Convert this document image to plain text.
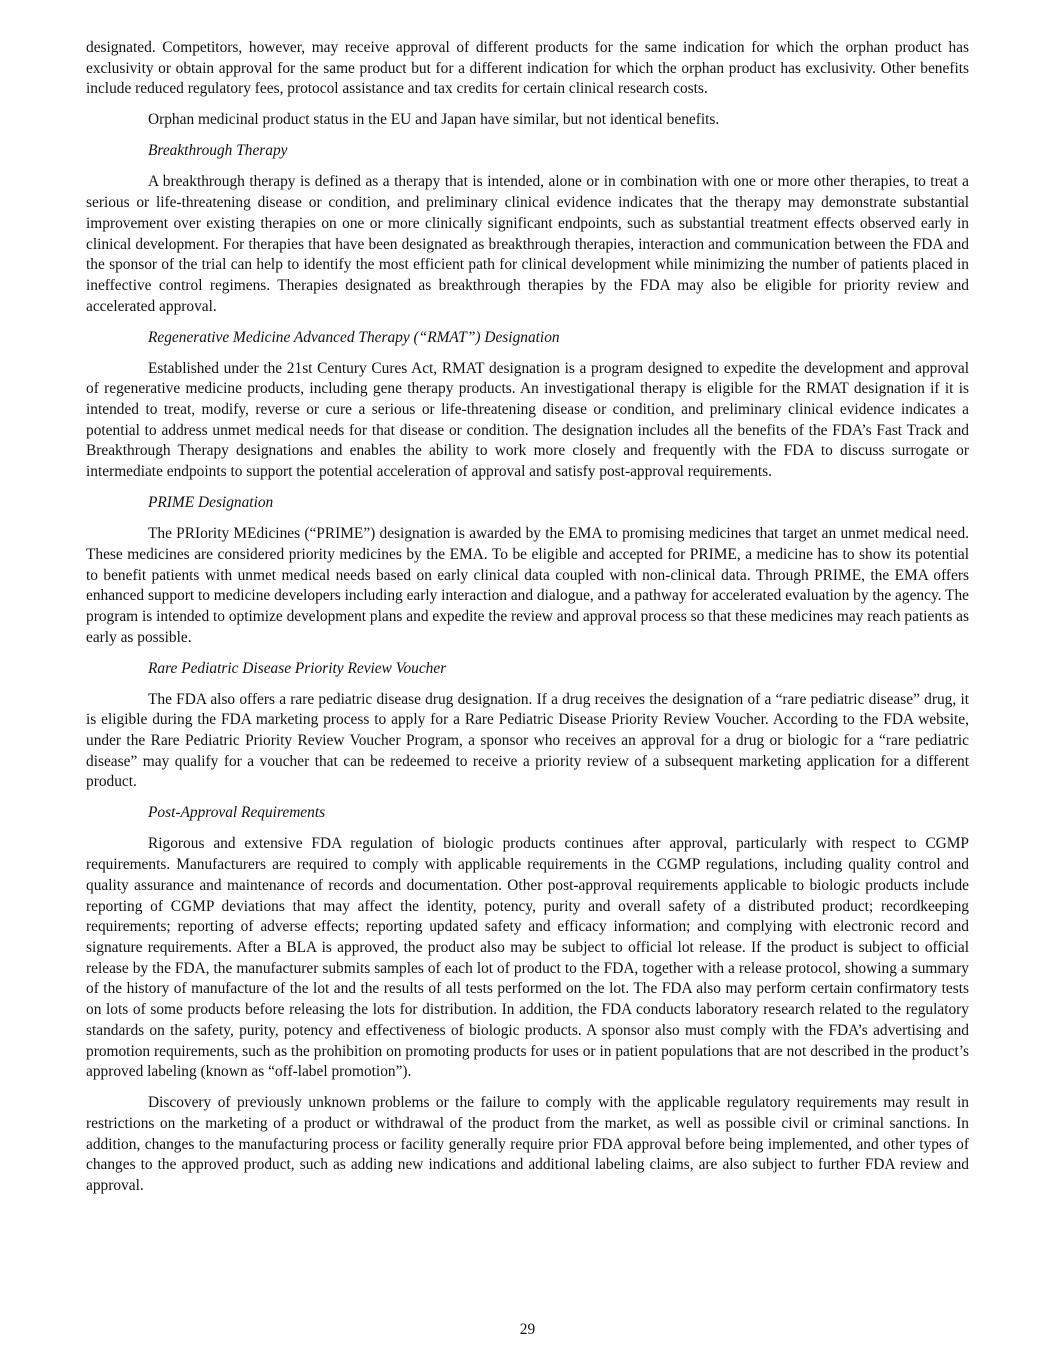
designated. Competitors, however, may receive approval of different products for the same indication for which the orphan product has exclusivity or obtain approval for the same product but for a different indication for which the orphan product has exclusivity. Other benefits include reduced regulatory fees, protocol assistance and tax credits for certain clinical research costs.

Orphan medicinal product status in the EU and Japan have similar, but not identical benefits.

Breakthrough Therapy

A breakthrough therapy is defined as a therapy that is intended, alone or in combination with one or more other therapies, to treat a serious or life-threatening disease or condition, and preliminary clinical evidence indicates that the therapy may demonstrate substantial improvement over existing therapies on one or more clinically significant endpoints, such as substantial treatment effects observed early in clinical development. For therapies that have been designated as breakthrough therapies, interaction and communication between the FDA and the sponsor of the trial can help to identify the most efficient path for clinical development while minimizing the number of patients placed in ineffective control regimens. Therapies designated as breakthrough therapies by the FDA may also be eligible for priority review and accelerated approval.

Regenerative Medicine Advanced Therapy (“RMAT”) Designation

Established under the 21st Century Cures Act, RMAT designation is a program designed to expedite the development and approval of regenerative medicine products, including gene therapy products. An investigational therapy is eligible for the RMAT designation if it is intended to treat, modify, reverse or cure a serious or life-threatening disease or condition, and preliminary clinical evidence indicates a potential to address unmet medical needs for that disease or condition. The designation includes all the benefits of the FDA’s Fast Track and Breakthrough Therapy designations and enables the ability to work more closely and frequently with the FDA to discuss surrogate or intermediate endpoints to support the potential acceleration of approval and satisfy post-approval requirements.

PRIME Designation

The PRIority MEdicines (“PRIME”) designation is awarded by the EMA to promising medicines that target an unmet medical need. These medicines are considered priority medicines by the EMA. To be eligible and accepted for PRIME, a medicine has to show its potential to benefit patients with unmet medical needs based on early clinical data coupled with non-clinical data. Through PRIME, the EMA offers enhanced support to medicine developers including early interaction and dialogue, and a pathway for accelerated evaluation by the agency. The program is intended to optimize development plans and expedite the review and approval process so that these medicines may reach patients as early as possible.

Rare Pediatric Disease Priority Review Voucher

The FDA also offers a rare pediatric disease drug designation. If a drug receives the designation of a “rare pediatric disease” drug, it is eligible during the FDA marketing process to apply for a Rare Pediatric Disease Priority Review Voucher. According to the FDA website, under the Rare Pediatric Priority Review Voucher Program, a sponsor who receives an approval for a drug or biologic for a “rare pediatric disease” may qualify for a voucher that can be redeemed to receive a priority review of a subsequent marketing application for a different product.

Post-Approval Requirements

Rigorous and extensive FDA regulation of biologic products continues after approval, particularly with respect to CGMP requirements. Manufacturers are required to comply with applicable requirements in the CGMP regulations, including quality control and quality assurance and maintenance of records and documentation. Other post-approval requirements applicable to biologic products include reporting of CGMP deviations that may affect the identity, potency, purity and overall safety of a distributed product; recordkeeping requirements; reporting of adverse effects; reporting updated safety and efficacy information; and complying with electronic record and signature requirements. After a BLA is approved, the product also may be subject to official lot release. If the product is subject to official release by the FDA, the manufacturer submits samples of each lot of product to the FDA, together with a release protocol, showing a summary of the history of manufacture of the lot and the results of all tests performed on the lot. The FDA also may perform certain confirmatory tests on lots of some products before releasing the lots for distribution. In addition, the FDA conducts laboratory research related to the regulatory standards on the safety, purity, potency and effectiveness of biologic products. A sponsor also must comply with the FDA’s advertising and promotion requirements, such as the prohibition on promoting products for uses or in patient populations that are not described in the product’s approved labeling (known as “off-label promotion”).

Discovery of previously unknown problems or the failure to comply with the applicable regulatory requirements may result in restrictions on the marketing of a product or withdrawal of the product from the market, as well as possible civil or criminal sanctions. In addition, changes to the manufacturing process or facility generally require prior FDA approval before being implemented, and other types of changes to the approved product, such as adding new indications and additional labeling claims, are also subject to further FDA review and approval.

29
